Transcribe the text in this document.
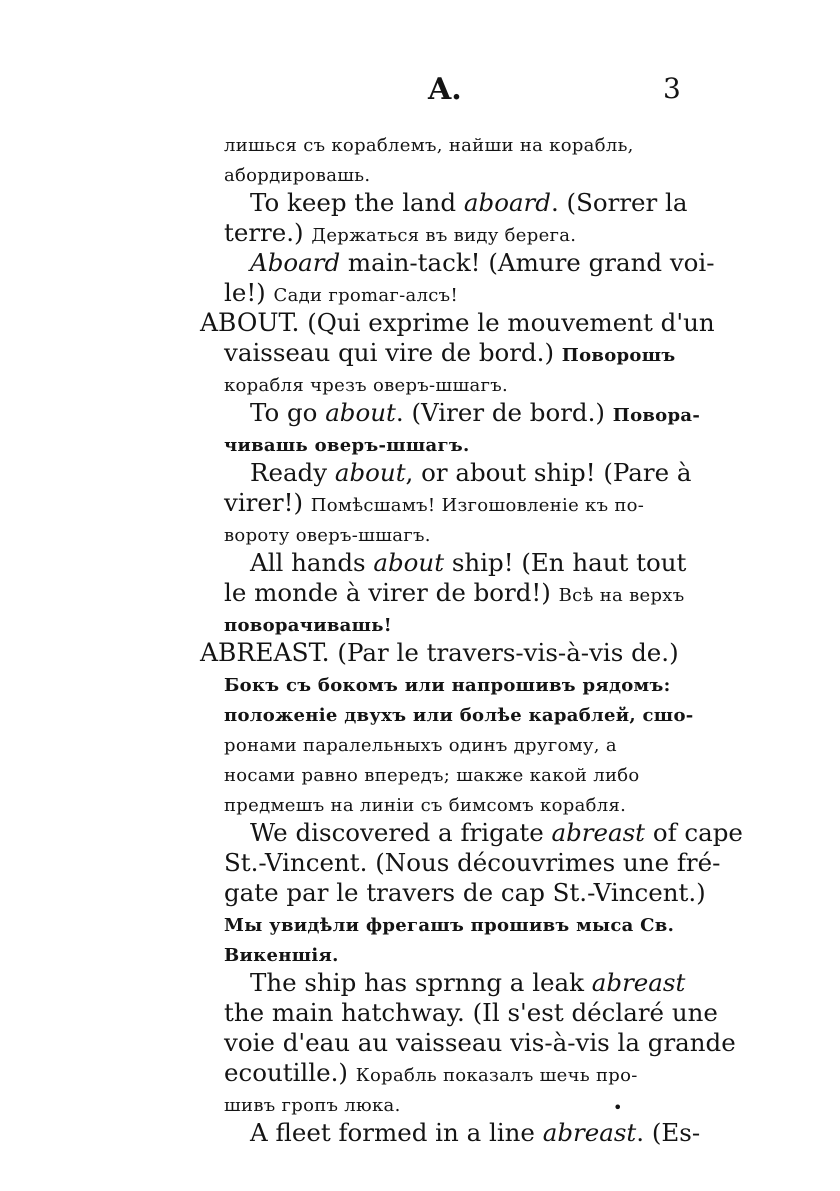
A.	3
лишься съ кораблемъ, найши на корабль,
абордировашь.
To keep the land aboard. (Sorrer la
terre.) Держаться въ виду берега.
Aboard main-tack! (Amure grand voi-
le!) Сади гроmаг-алсъ!
ABOUT. (Qui exprime le mouvement d'un
vaisseau qui vire de bord.) Поворошъ
корабля чрезъ оверъ-шшагъ.
To go about. (Virer de bord.) Повора-
чивашь оверъ-шшагъ.
Ready about, or about ship! (Pare à
virer!) Помѣсшамъ! Изгошовленіе къ по-
вороту оверъ-шшагъ.
All hands about ship! (En haut tout
le monde à virer de bord!) Всѣ на верхъ
поворачивашь!
ABREAST. (Par le travers-vis-à-vis de.)
Бокъ съ бокомъ или напрошивъ рядомъ:
положеніе двухъ или болѣе караблей, сшо-
ронами паралельныхъ одинъ другому, а
носами равно впередъ; шакже какой либо
предмешъ на линіи съ бимсомъ корабля.
We discovered a frigate abreast of cape
St.-Vincent. (Nous découvrimes une fré-
gate par le travers de cap St.-Vincent.)
Мы увидѣли фрегашъ прошивъ мыса Св.
Викеншія.
The ship has sprnng a leak abreast
the main hatchway. (Il s'est déclaré une
voie d'eau au vaisseau vis-à-vis la grande
ecoutille.) Корабль показалъ шечь про-
шивъ гропъ люка.
A fleet formed in a line abreast. (Es-
•
